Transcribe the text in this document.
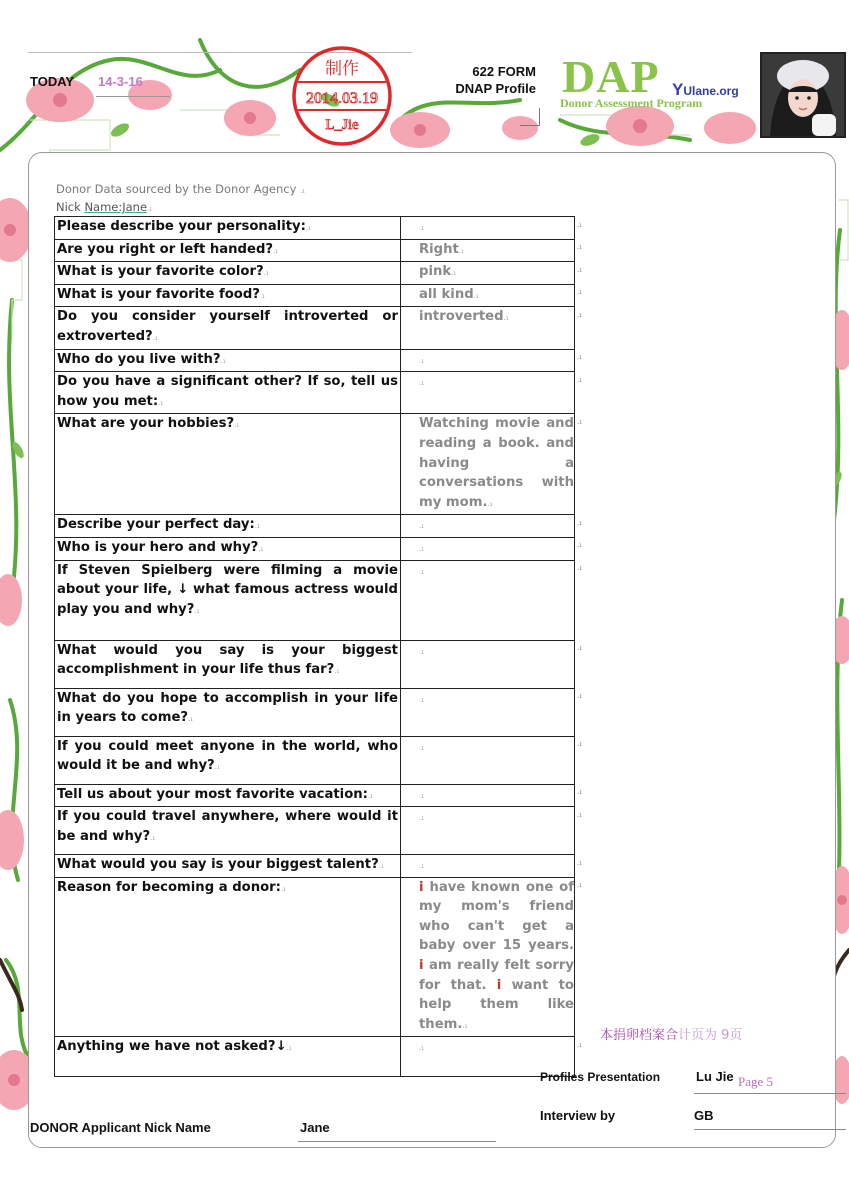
TODAY 14-3-16
制作
2014.03.19
L_Jie
622 FORM
DNAP Profile DAP YUlane.org
Donor Assessment Program
Donor Data sourced by the Donor Agency .₁
Nick Name:Jane.₁
Please describe your personality:.₁	.₁
Are you right or left handed?.₁	Right.₁
What is your favorite color?.₁	pink.₁
What is your favorite food?.₁	all kind.₁
Do you consider yourself introverted or extroverted?.₁	introverted.₁
Who do you live with?.₁	.₁
Do you have a significant other? If so, tell us how you met:.₁	.₁
What are your hobbies?.₁	Watching movie and reading a book. and having a conversations with my mom..₁
Describe your perfect day:.₁	.₁
Who is your hero and why?.₁	.₁
If Steven Spielberg were filming a movie about your life, ↓ what famous actress would play you and why?.₁	.₁
What would you say is your biggest accomplishment in your life thus far?.₁	.₁
What do you hope to accomplish in your life in years to come?.₁	.₁
If you could meet anyone in the world, who would it be and why?.₁	.₁
Tell us about your most favorite vacation:.₁	.₁
If you could travel anywhere, where would it be and why?.₁	.₁
What would you say is your biggest talent?.₁	.₁
Reason for becoming a donor:.₁	i have known one of my mom's friend who can't get a baby over 15 years. i am really felt sorry for that. i want to help them like them..₁
Anything we have not asked?↓.₁	.₁
.₁
.₁
.₁
.₁
.₁
.₁
.₁
.₁
.₁
.₁
.₁
.₁
.₁
.₁
.₁
.₁
.₁
.₁
.₁
本捐卵档案合计页为 9页
Profiles Presentation	Lu Jie Page 5
Interview by	GB
DONOR Applicant Nick Name	Jane
